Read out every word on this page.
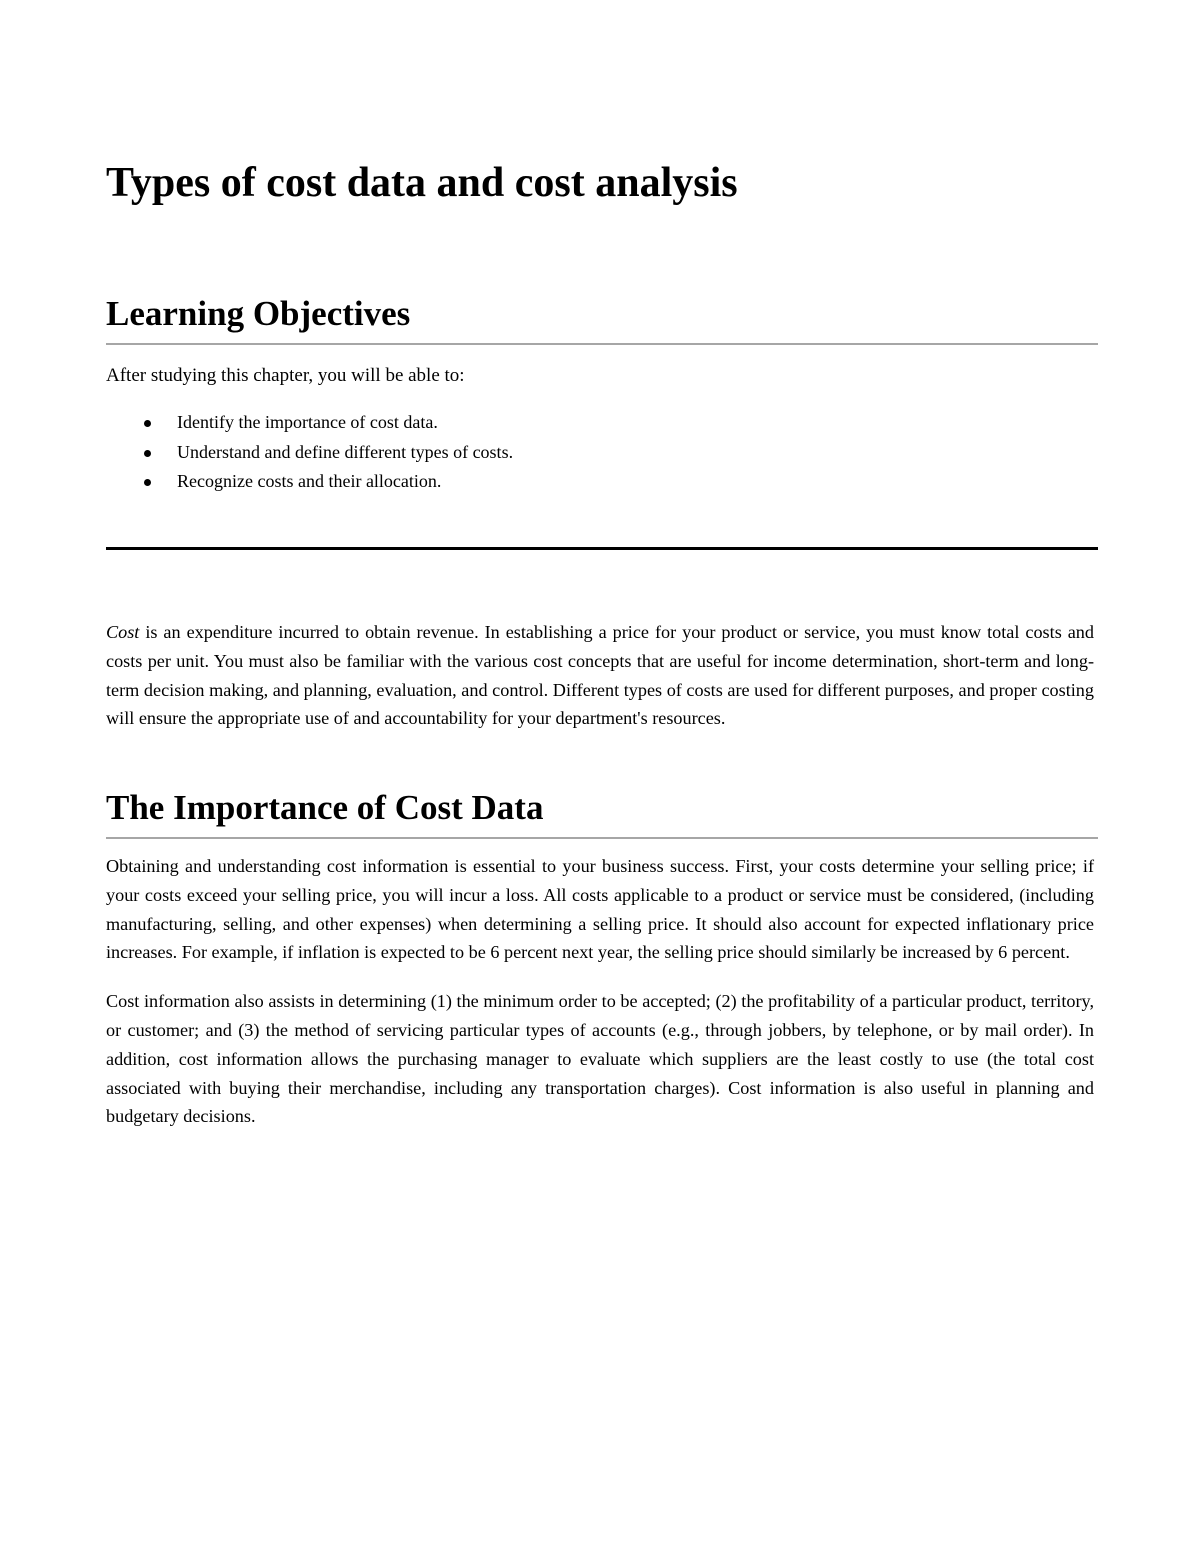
Types of cost data and cost analysis
Learning Objectives

After studying this chapter, you will be able to:

Identify the importance of cost data.
Understand and define different types of costs.
Recognize costs and their allocation.

Cost is an expenditure incurred to obtain revenue. In establishing a price for your product or service, you must know total costs and costs per unit. You must also be familiar with the various cost concepts that are useful for income determination, short-term and long-term decision making, and planning, evaluation, and control. Different types of costs are used for different purposes, and proper costing will ensure the appropriate use of and accountability for your department's resources.

The Importance of Cost Data

Obtaining and understanding cost information is essential to your business success. First, your costs determine your selling price; if your costs exceed your selling price, you will incur a loss. All costs applicable to a product or service must be considered, (including manufacturing, selling, and other expenses) when determining a selling price. It should also account for expected inflationary price increases. For example, if inflation is expected to be 6 percent next year, the selling price should similarly be increased by 6 percent.

Cost information also assists in determining (1) the minimum order to be accepted; (2) the profitability of a particular product, territory, or customer; and (3) the method of servicing particular types of accounts (e.g., through jobbers, by telephone, or by mail order). In addition, cost information allows the purchasing manager to evaluate which suppliers are the least costly to use (the total cost associated with buying their merchandise, including any transportation charges). Cost information is also useful in planning and budgetary decisions.
